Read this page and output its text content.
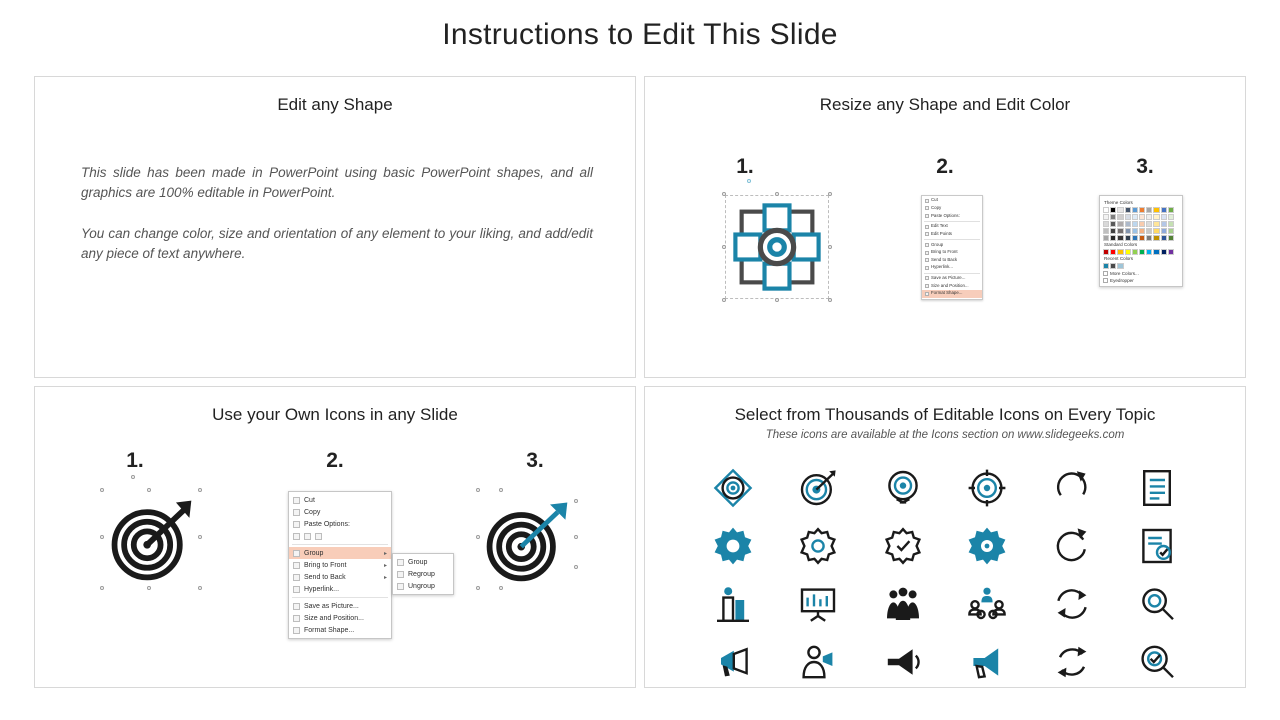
Instructions to Edit This Slide
Edit any Shape

This slide has been made in PowerPoint using basic PowerPoint shapes, and all graphics are 100% editable in PowerPoint.

You can change color, size and orientation of any element to your liking, and add/edit any piece of text anywhere.

Resize any Shape and Edit Color
1.	2.	3.
Cut
Copy
Paste Options:
Edit Text
Edit Points
Group
Bring to Front
Send to Back
Hyperlink...
Save as Picture...
Size and Position...
Format Shape...
Theme Colors
Standard Colors
Recent Colors
More Colors...
Eyedropper
Use your Own Icons in any Slide
1.	2.	3.
Cut
Copy
Paste Options:
Group	▸
Bring to Front	▸
Send to Back	▸
Hyperlink...
Save as Picture...
Size and Position...
Format Shape...
Group
Regroup
Ungroup
Select from Thousands of Editable Icons on Every Topic
These icons are available at the Icons section on www.slidegeeks.com
